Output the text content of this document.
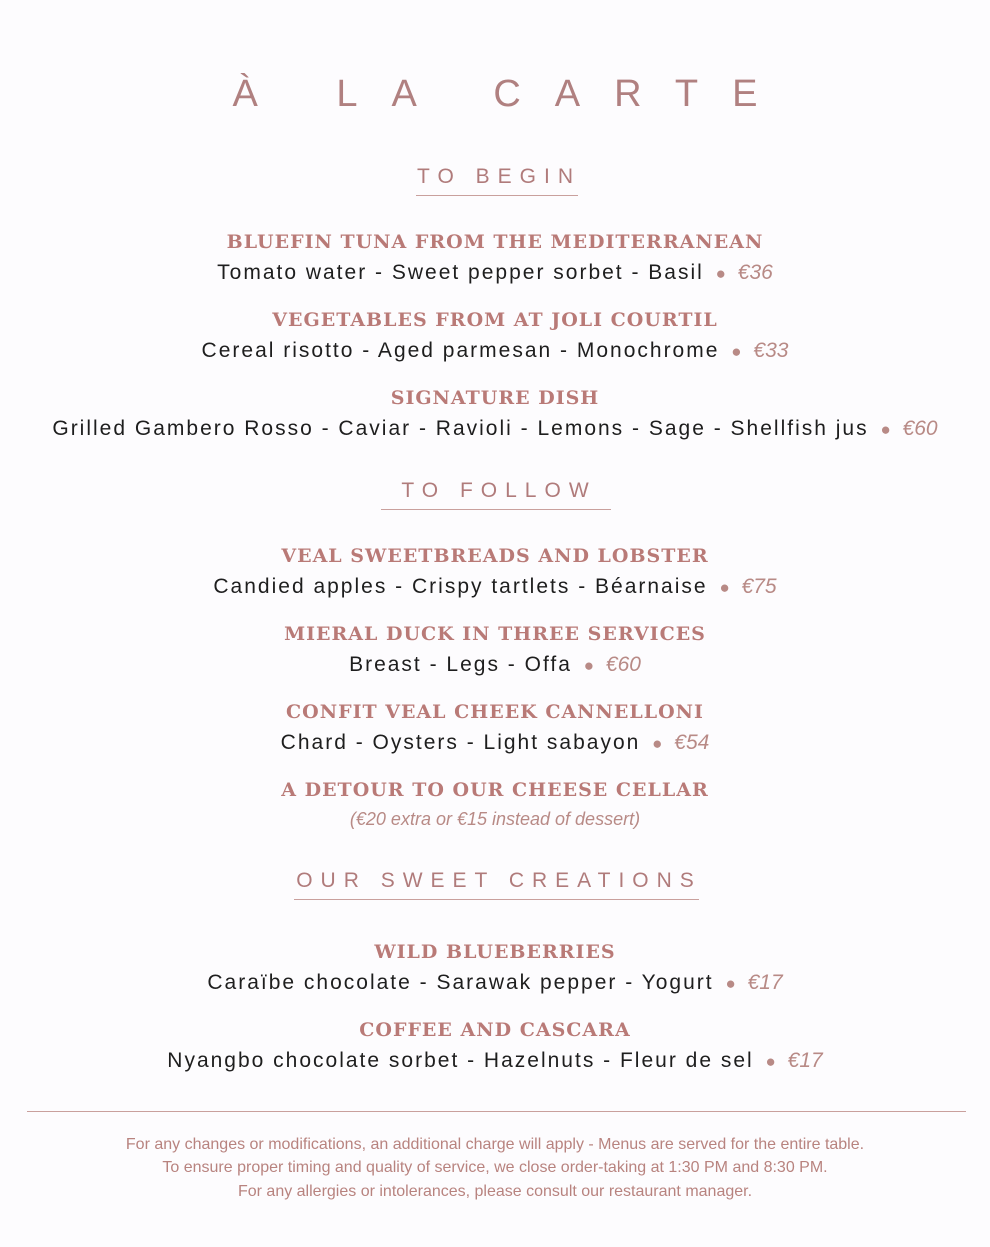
À LA CARTE
TO BEGIN
BLUEFIN TUNA FROM THE MEDITERRANEAN
Tomato water - Sweet pepper sorbet - Basil ● €36
VEGETABLES FROM AT JOLI COURTIL
Cereal risotto - Aged parmesan - Monochrome ● €33
SIGNATURE DISH
Grilled Gambero Rosso - Caviar - Ravioli - Lemons - Sage - Shellfish jus ● €60
TO FOLLOW
VEAL SWEETBREADS AND LOBSTER
Candied apples - Crispy tartlets - Béarnaise ● €75
MIERAL DUCK IN THREE SERVICES
Breast - Legs - Offa ● €60
CONFIT VEAL CHEEK CANNELLONI
Chard - Oysters - Light sabayon ● €54
A DETOUR TO OUR CHEESE CELLAR
(€20 extra or €15 instead of dessert)
OUR SWEET CREATIONS
WILD BLUEBERRIES
Caraïbe chocolate - Sarawak pepper - Yogurt ● €17
COFFEE AND CASCARA
Nyangbo chocolate sorbet - Hazelnuts - Fleur de sel ● €17
For any changes or modifications, an additional charge will apply - Menus are served for the entire table.
To ensure proper timing and quality of service, we close order-taking at 1:30 PM and 8:30 PM.
For any allergies or intolerances, please consult our restaurant manager.
